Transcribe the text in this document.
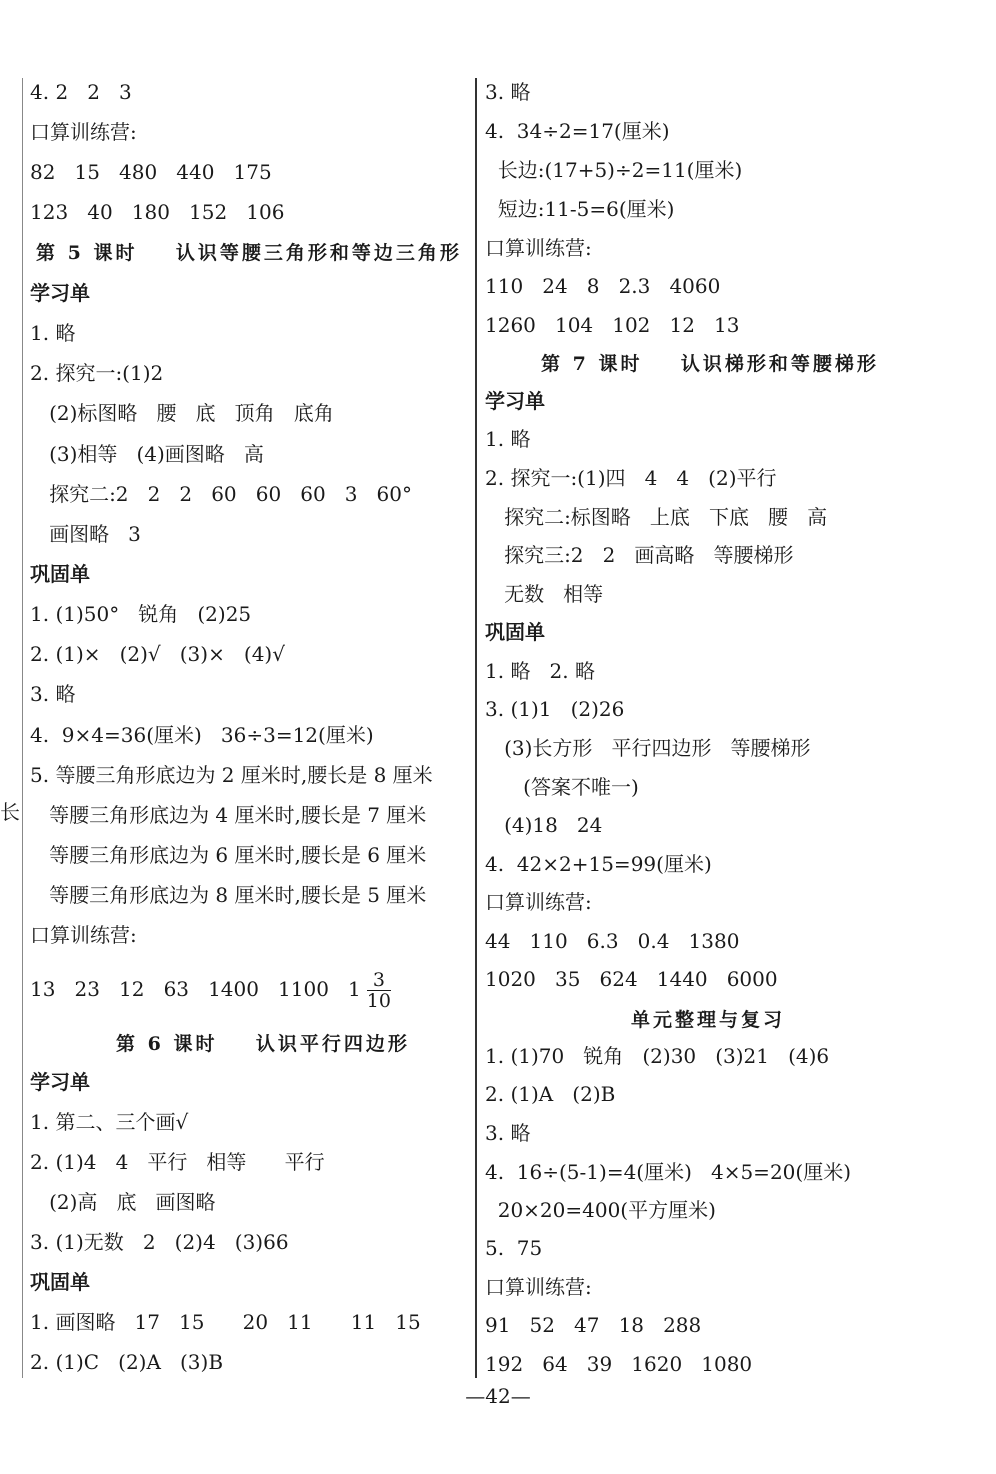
长
4. 2   2   3
口算训练营:
82   15   480   440   175
123   40   180   152   106
第 5 课时    认识等腰三角形和等边三角形
学习单
1. 略
2. 探究一:(1)2
(2)标图略   腰   底   顶角   底角
(3)相等   (4)画图略   高
探究二:2   2   2   60   60   60   3   60°
画图略   3
巩固单
1. (1)50°   锐角   (2)25
2. (1)×   (2)√   (3)×   (4)√
3. 略
4.  9×4=36(厘米)   36÷3=12(厘米)
5. 等腰三角形底边为 2 厘米时,腰长是 8 厘米
等腰三角形底边为 4 厘米时,腰长是 7 厘米
等腰三角形底边为 6 厘米时,腰长是 6 厘米
等腰三角形底边为 8 厘米时,腰长是 5 厘米
口算训练营:
13   23   12   63   1400   1100   $1 \frac{3}{10}$
第 6 课时    认识平行四边形
学习单
1. 第二、三个画√
2. (1)4   4   平行   相等      平行
(2)高   底   画图略
3. (1)无数   2   (2)4   (3)66
巩固单
1. 画图略   17   15      20   11      11   15
2. (1)C   (2)A   (3)B
3. 略
4.  34÷2=17(厘米)
长边:(17+5)÷2=11(厘米)
短边:11-5=6(厘米)
口算训练营:
110   24   8   2.3   4060
1260   104   102   12   13
第 7 课时    认识梯形和等腰梯形
学习单
1. 略
2. 探究一:(1)四   4   4   (2)平行
探究二:标图略   上底   下底   腰   高
探究三:2   2   画高略   等腰梯形
无数   相等
巩固单
1. 略   2. 略
3. (1)1   (2)26
(3)长方形   平行四边形   等腰梯形
(答案不唯一)
(4)18   24
4.  42×2+15=99(厘米)
口算训练营:
44   110   6.3   0.4   1380
1020   35   624   1440   6000
单元整理与复习
1. (1)70   锐角   (2)30   (3)21   (4)6
2. (1)A   (2)B
3. 略
4.  16÷(5-1)=4(厘米)   4×5=20(厘米)
20×20=400(平方厘米)
5.  75
口算训练营:
91   52   47   18   288
192   64   39   1620   1080
—42—
